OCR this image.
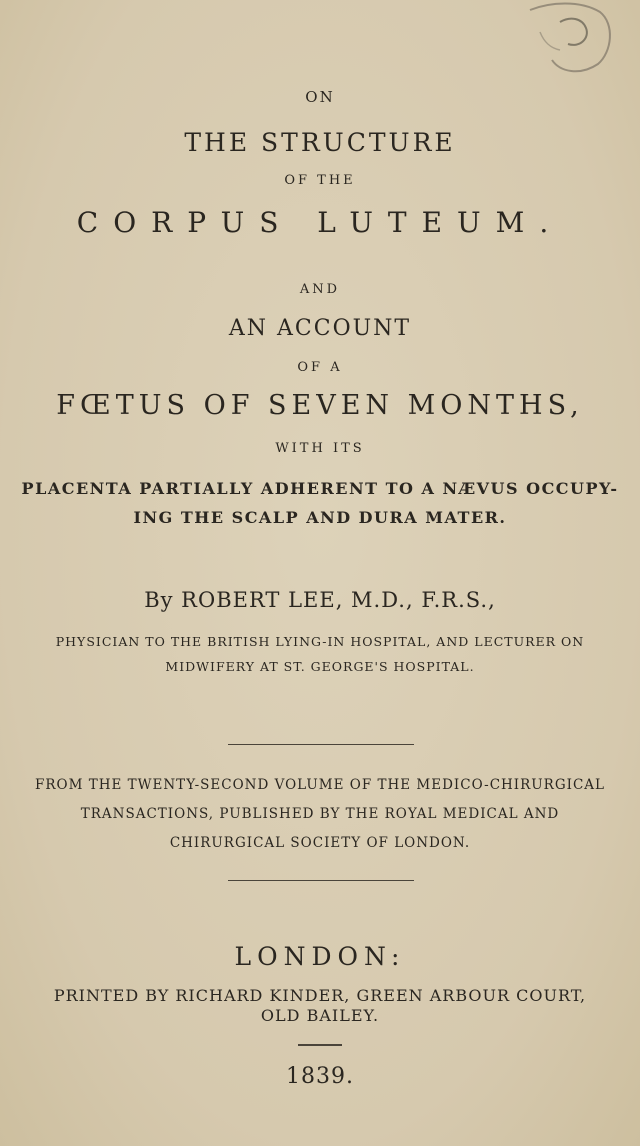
ON

THE STRUCTURE

OF THE

CORPUS LUTEUM.

AND

AN ACCOUNT

OF A

FŒTUS OF SEVEN MONTHS,

WITH ITS

PLACENTA PARTIALLY ADHERENT TO A NÆVUS OCCUPY-

ING THE SCALP AND DURA MATER.

By ROBERT LEE, M.D., F.R.S.,

PHYSICIAN TO THE BRITISH LYING-IN HOSPITAL, AND LECTURER ON

MIDWIFERY AT ST. GEORGE'S HOSPITAL.

FROM THE TWENTY-SECOND VOLUME OF THE MEDICO-CHIRURGICAL

TRANSACTIONS, PUBLISHED BY THE ROYAL MEDICAL AND

CHIRURGICAL SOCIETY OF LONDON.

LONDON:

PRINTED BY RICHARD KINDER, GREEN ARBOUR COURT,

OLD BAILEY.

1839.
